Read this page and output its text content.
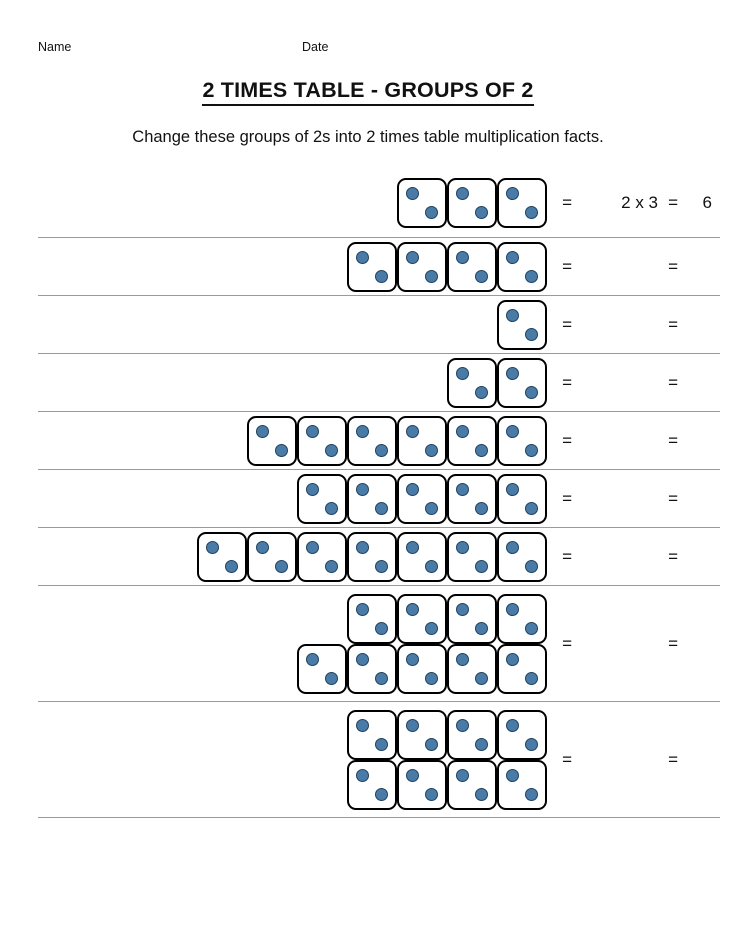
Name	Date
2 TIMES TABLE - GROUPS OF 2
Change these groups of 2s into 2 times table multiplication facts.
=	2 x 3 = 6
=	=
=	=
=	=
=	=
=	=
=	=
=	=
=	=
